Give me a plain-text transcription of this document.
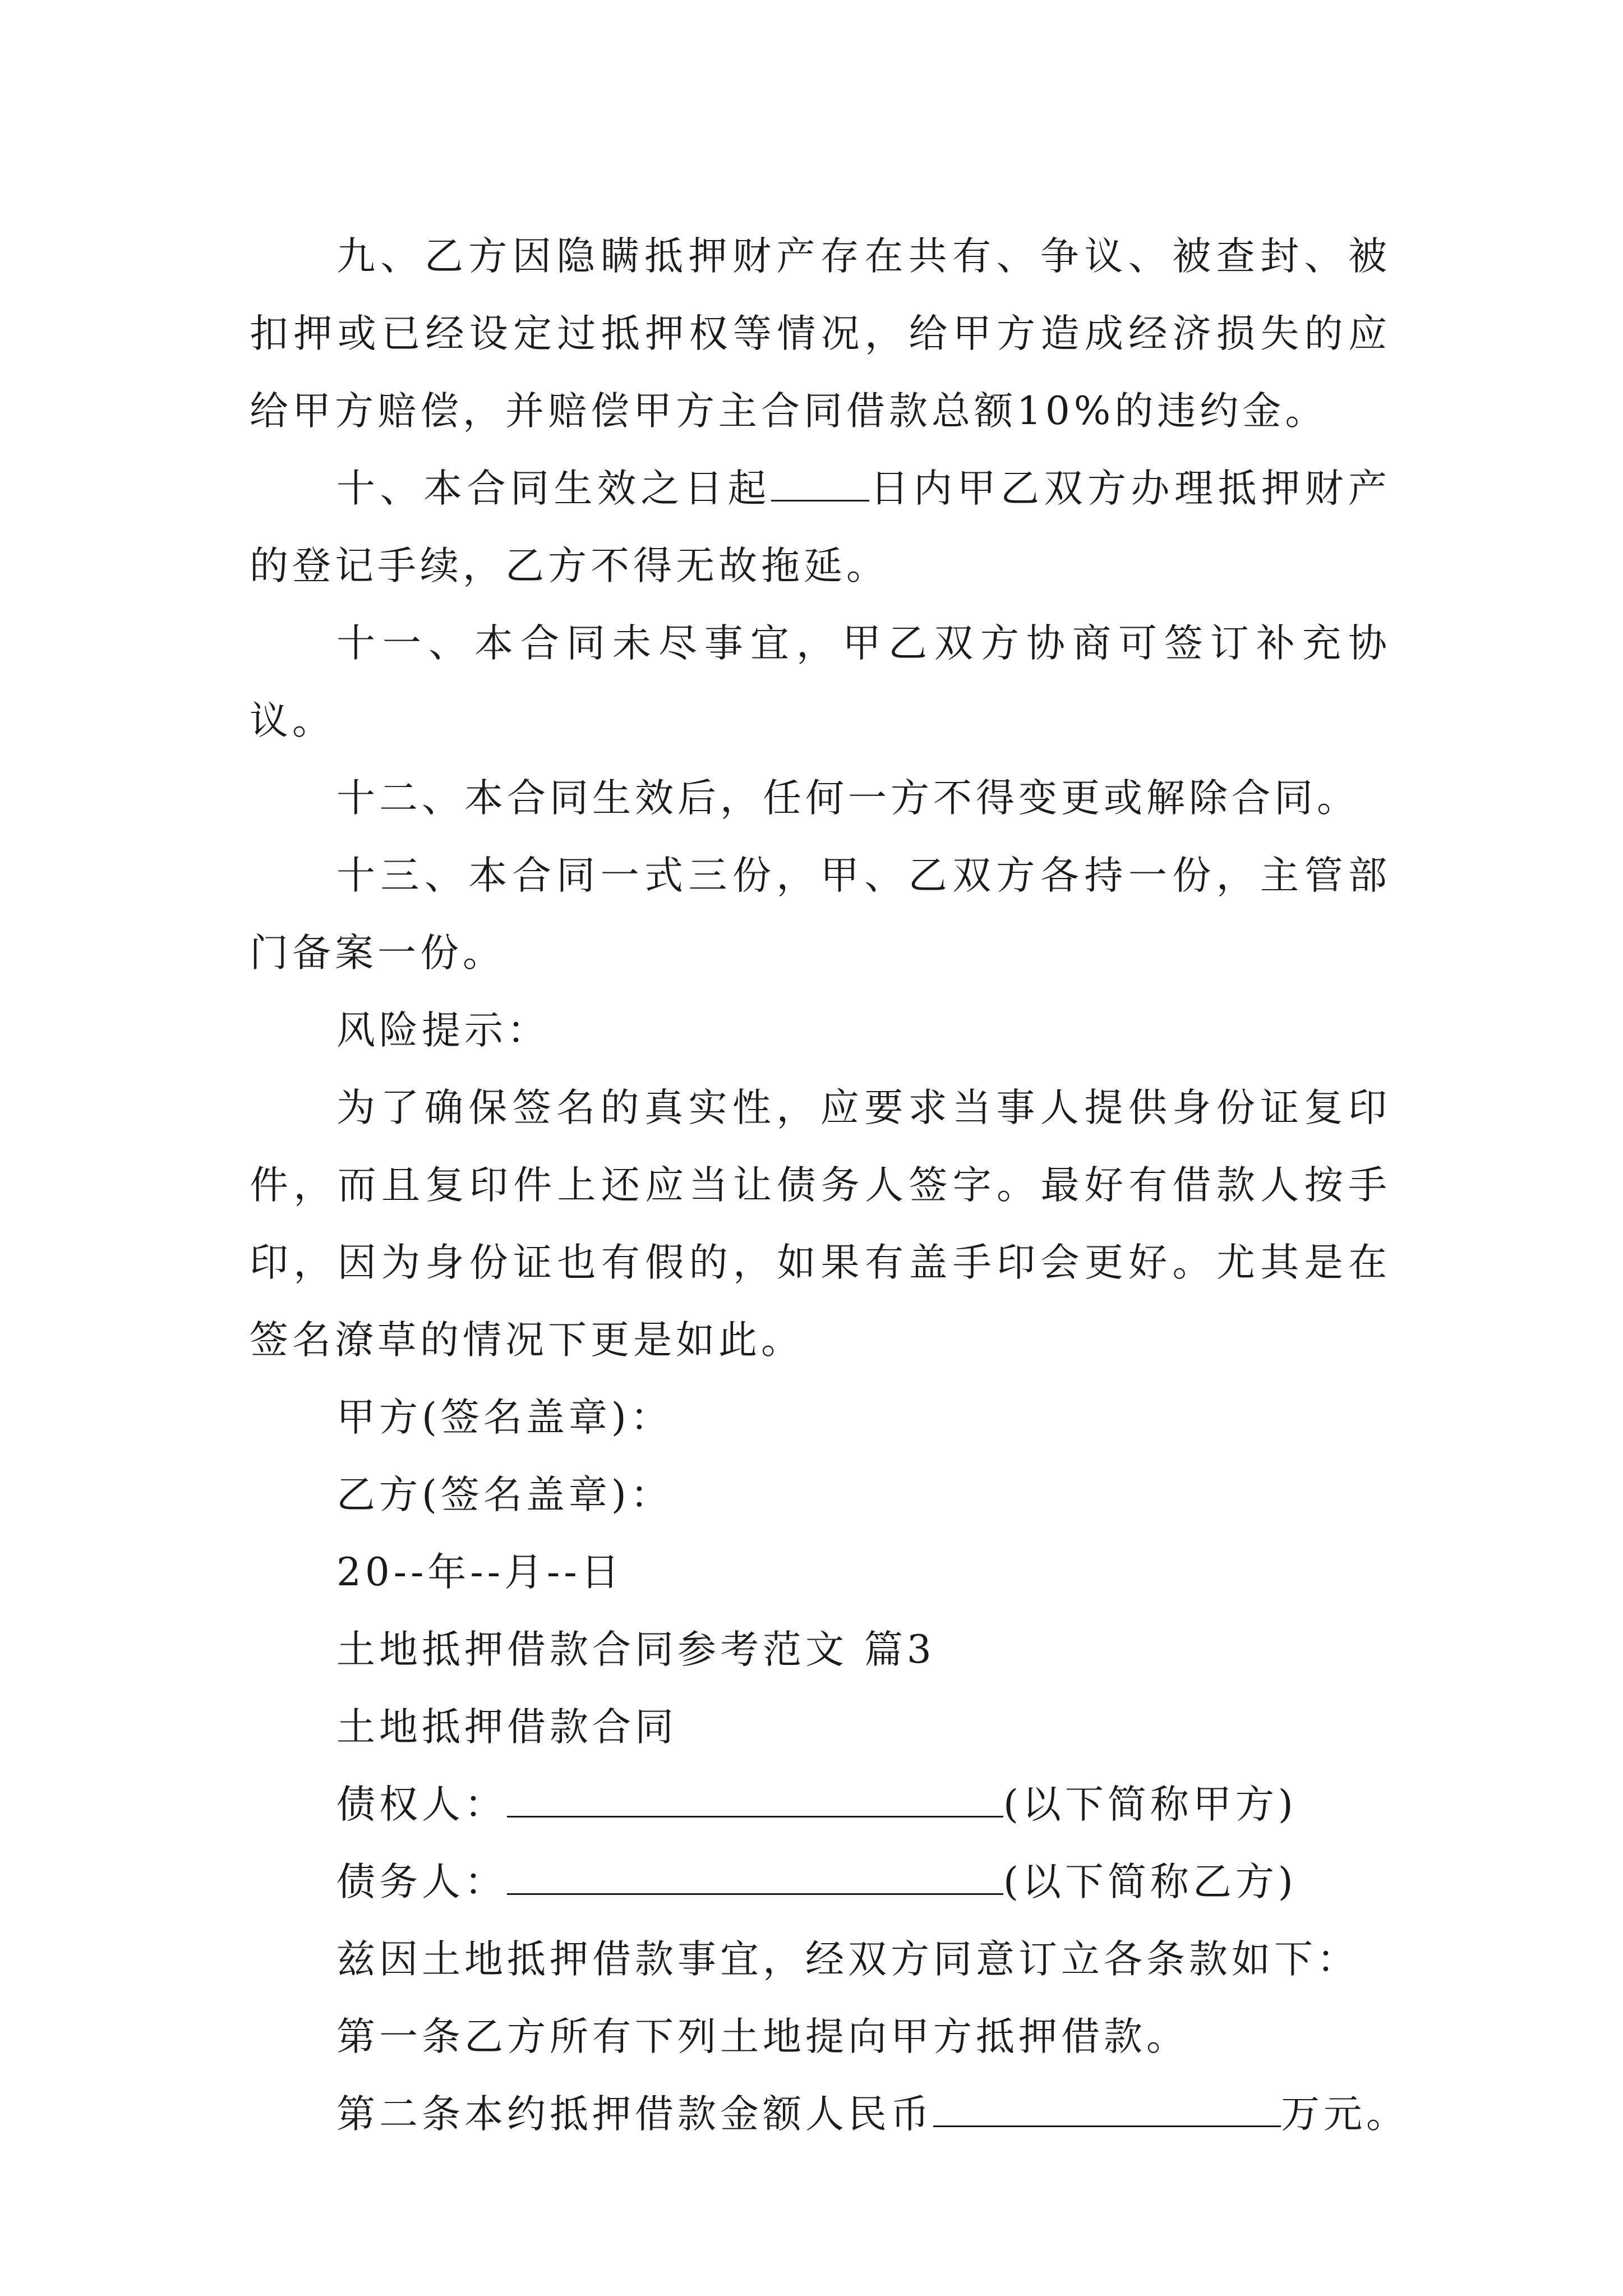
九、乙方因隐瞒抵押财产存在共有、争议、被查封、被扣押或已经设定过抵押权等情况，给甲方造成经济损失的应给甲方赔偿，并赔偿甲方主合同借款总额10%的违约金。

十、本合同生效之日起	日内甲乙双方办理抵押财产的登记手续，乙方不得无故拖延。

十一、本合同未尽事宜，甲乙双方协商可签订补充协议。

十二、本合同生效后，任何一方不得变更或解除合同。

十三、本合同一式三份，甲、乙双方各持一份，主管部门备案一份。

风险提示：

为了确保签名的真实性，应要求当事人提供身份证复印件，而且复印件上还应当让债务人签字。最好有借款人按手印，因为身份证也有假的，如果有盖手印会更好。尤其是在签名潦草的情况下更是如此。

甲方(签名盖章)：

乙方(签名盖章)：

20--年--月--日

土地抵押借款合同参考范文 篇3

土地抵押借款合同

债权人：	(以下简称甲方)

债务人：	(以下简称乙方)

兹因土地抵押借款事宜，经双方同意订立各条款如下：

第一条乙方所有下列土地提向甲方抵押借款。

第二条本约抵押借款金额人民币	万元。
